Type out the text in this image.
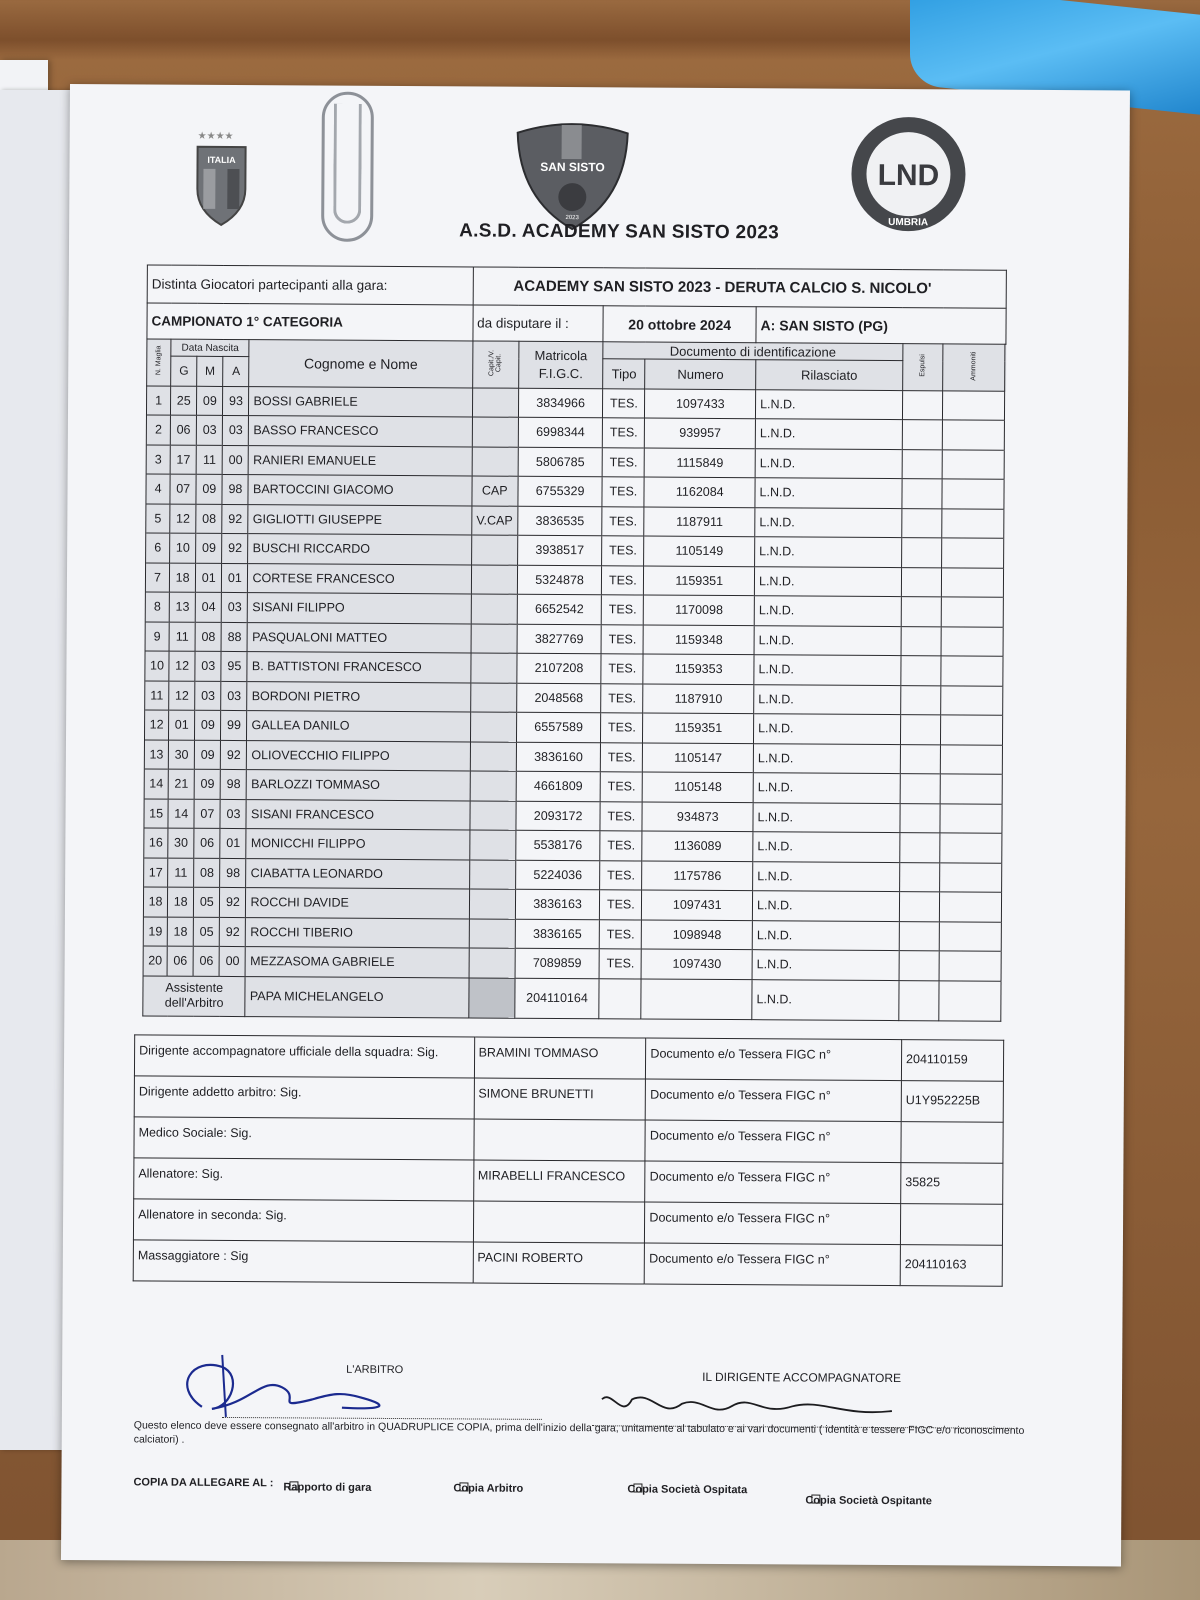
★★★★
ITALIA	SAN SISTO
2023
LND
UMBRIA
A.S.D. ACADEMY SAN SISTO 2023
Distinta Giocatori partecipanti alla gara:					ACADEMY SAN SISTO 2023 - DERUTA CALCIO S. NICOLO'							
CAMPIONATO 1° CATEGORIA					da disputare il :		20 ottobre 2024		A: SAN SISTO (PG)			
N. Maglia	Data Nascita			Cognome e Nome	Capit./V. Capit.	Matricola
F.I.G.C.	Documento di identificazione			Espulsi	Ammoniti	
	G	M	A				Tipo	Numero	Rilasciato			
1	25	09	93	BOSSI GABRIELE		3834966	TES.	1097433	L.N.D.			
2	06	03	03	BASSO FRANCESCO		6998344	TES.	939957	L.N.D.			
3	17	11	00	RANIERI EMANUELE		5806785	TES.	1115849	L.N.D.			
4	07	09	98	BARTOCCINI GIACOMO	CAP	6755329	TES.	1162084	L.N.D.			
5	12	08	92	GIGLIOTTI GIUSEPPE	V.CAP	3836535	TES.	1187911	L.N.D.			
6	10	09	92	BUSCHI RICCARDO		3938517	TES.	1105149	L.N.D.			
7	18	01	01	CORTESE FRANCESCO		5324878	TES.	1159351	L.N.D.			
8	13	04	03	SISANI FILIPPO		6652542	TES.	1170098	L.N.D.			
9	11	08	88	PASQUALONI MATTEO		3827769	TES.	1159348	L.N.D.			
10	12	03	95	B. BATTISTONI FRANCESCO		2107208	TES.	1159353	L.N.D.			
11	12	03	03	BORDONI PIETRO		2048568	TES.	1187910	L.N.D.			
12	01	09	99	GALLEA DANILO		6557589	TES.	1159351	L.N.D.			
13	30	09	92	OLIOVECCHIO FILIPPO		3836160	TES.	1105147	L.N.D.			
14	21	09	98	BARLOZZI TOMMASO		4661809	TES.	1105148	L.N.D.			
15	14	07	03	SISANI FRANCESCO		2093172	TES.	934873	L.N.D.			
16	30	06	01	MONICCHI FILIPPO		5538176	TES.	1136089	L.N.D.			
17	11	08	98	CIABATTA LEONARDO		5224036	TES.	1175786	L.N.D.			
18	18	05	92	ROCCHI DAVIDE		3836163	TES.	1097431	L.N.D.			
19	18	05	92	ROCCHI TIBERIO		3836165	TES.	1098948	L.N.D.			
20	06	06	00	MEZZASOMA GABRIELE		7089859	TES.	1097430	L.N.D.			
Assistente dell'Arbitro				PAPA MICHELANGELO		204110164			L.N.D.			
Dirigente accompagnatore ufficiale della squadra: Sig.	BRAMINI TOMMASO	Documento e/o Tessera FIGC n°	204110159
Dirigente addetto arbitro: Sig.	SIMONE BRUNETTI	Documento e/o Tessera FIGC n°	U1Y952225B
Medico Sociale: Sig.		Documento e/o Tessera FIGC n°	
Allenatore: Sig.	MIRABELLI FRANCESCO	Documento e/o Tessera FIGC n°	35825
Allenatore in seconda: Sig.		Documento e/o Tessera FIGC n°	
Massaggiatore : Sig	PACINI ROBERTO	Documento e/o Tessera FIGC n°	204110163
L'ARBITRO
IL DIRIGENTE ACCOMPAGNATORE
Questo elenco deve essere consegnato all'arbitro in QUADRUPLICE COPIA, prima dell'inizio della gara, unitamente al tabulato e ai vari documenti ( identità e tessere FIGC e/o riconoscimento calciatori) .
COPIA DA ALLEGARE AL : Rapporto di gara	Copia Arbitro	Copia Società Ospitata
Copia Società Ospitante
